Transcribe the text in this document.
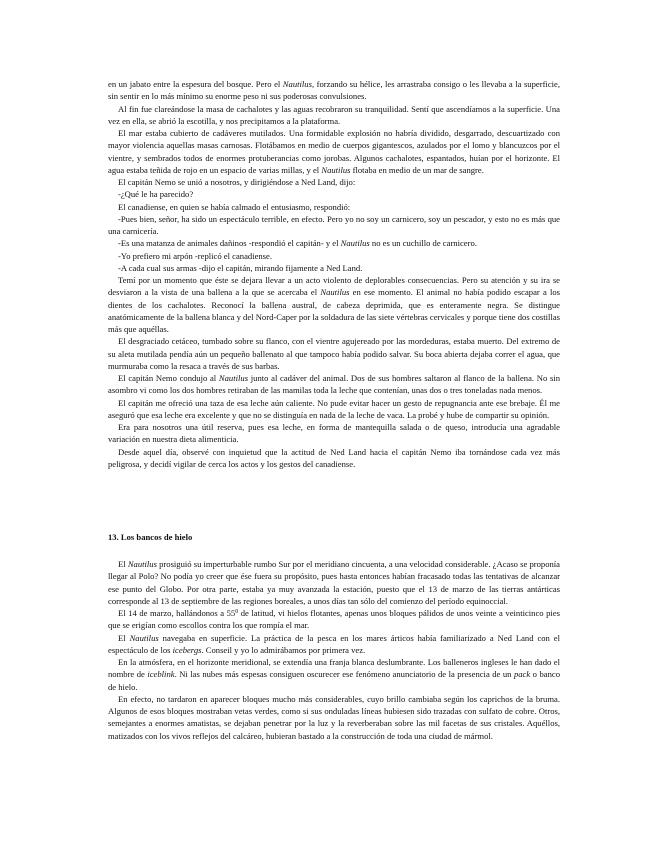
en un jabato entre la espesura del bosque. Pero el Nautilus, forzando su hélice, les arrastraba consigo o les llevaba a la superficie, sin sentir en lo más mínimo su enorme peso ni sus poderosas convulsiones.

Al fin fue clareándose la masa de cachalotes y las aguas recobraron su tranquilidad. Sentí que ascendíamos a la superficie. Una vez en ella, se abrió la escotilla, y nos precipitamos a la plataforma.

El mar estaba cubierto de cadáveres mutilados. Una formidable explosión no habría dividido, desgarrado, descuartizado con mayor violencia aquellas masas carnosas. Flotábamos en medio de cuerpos gigantescos, azulados por el lomo y blancuzcos por el vientre, y sembrados todos de enormes protuberancias como jorobas. Algunos cachalotes, espantados, huían por el horizonte. El agua estaba teñida de rojo en un espacio de varias millas, y el Nautilus flotaba en medio de un mar de sangre.

El capitán Nemo se unió a nosotros, y dirigiéndose a Ned Land, dijo:

-¿Qué le ha parecido?

El canadiense, en quien se había calmado el entusiasmo, respondió:

-Pues bien, señor, ha sido un espectáculo terrible, en efecto. Pero yo no soy un carnicero, soy un pescador, y esto no es más que una carnicería.

-Es una matanza de animales dañinos -respondió el capitán- y el Nautilus no es un cuchillo de carnicero.

-Yo prefiero mi arpón -replicó el canadiense.

-A cada cual sus armas -dijo el capitán, mirando fijamente a Ned Land.

Temí por un momento que éste se dejara llevar a un acto violento de deplorables consecuencias. Pero su atención y su ira se desviaron a la vista de una ballena a la que se acercaba el Nautilus en ese momento. El animal no había podido escapar a los dientes de los cachalotes. Reconocí la ballena austral, de cabeza deprimida, que es enteramente negra. Se distingue anatómicamente de la ballena blanca y del Nord-Caper por la soldadura de las siete vértebras cervicales y porque tiene dos costillas más que aquéllas.

El desgraciado cetáceo, tumbado sobre su flanco, con el vientre agujereado por las mordeduras, estaba muerto. Del extremo de su aleta mutilada pendía aún un pequeño ballenato al que tampoco había podido salvar. Su boca abierta dejaba correr el agua, que murmuraba como la resaca a través de sus barbas.

El capitán Nemo condujo al Nautilus junto al cadáver del animal. Dos de sus hombres saltaron al flanco de la ballena. No sin asombro vi como los dos hombres retiraban de las mamilas toda la leche que contenían, unas dos o tres toneladas nada menos.

El capitán me ofreció una taza de esa leche aún caliente. No pude evitar hacer un gesto de repugnancia ante ese brebaje. Él me aseguró que esa leche era excelente y que no se distinguía en nada de la leche de vaca. La probé y hube de compartir su opinión.

Era para nosotros una útil reserva, pues esa leche, en forma de mantequilla salada o de queso, introducía una agradable variación en nuestra dieta alimenticia.

Desde aquel día, observé con inquietud que la actitud de Ned Land hacia el capitán Nemo iba tornándose cada vez más peligrosa, y decidí vigilar de cerca los actos y los gestos del canadiense.

13. Los bancos de hielo

El Nautilus prosiguió su imperturbable rumbo Sur por el meridiano cincuenta, a una velocidad considerable. ¿Acaso se proponía llegar al Polo? No podía yo creer que ése fuera su propósito, pues hasta entonces habían fracasado todas las tentativas de alcanzar ese punto del Globo. Por otra parte, estaba ya muy avanzada la estación, puesto que el 13 de marzo de las tierras antárticas corresponde al 13 de septiembre de las regiones boreales, a unos días tan sólo del comienzo del período equinoccial.

El 14 de marzo, hallándonos a $55^0$ de latitud, vi hielos flotantes, apenas unos bloques pálidos de unos veinte a veinticinco pies que se erigían como escollos contra los que rompía el mar.

El Nautilus navegaba en superficie. La práctica de la pesca en los mares árticos había familiarizado a Ned Land con el espectáculo de los icebergs. Conseil y yo lo admirábamos por primera vez.

En la atmósfera, en el horizonte meridional, se extendía una franja blanca deslumbrante. Los balleneros ingleses le han dado el nombre de iceblink. Ni las nubes más espesas consiguen oscurecer ese fenómeno anunciatorio de la presencia de un pack o banco de hielo.

En efecto, no tardaron en aparecer bloques mucho más considerables, cuyo brillo cambiaba según los caprichos de la bruma. Algunos de esos bloques mostraban vetas verdes, como si sus onduladas líneas hubiesen sido trazadas con sulfato de cobre. Otros, semejantes a enormes amatistas, se dejaban penetrar por la luz y la reverberaban sobre las mil facetas de sus cristales. Aquéllos, matizados con los vivos reflejos del calcáreo, hubieran bastado a la construcción de toda una ciudad de mármol.
